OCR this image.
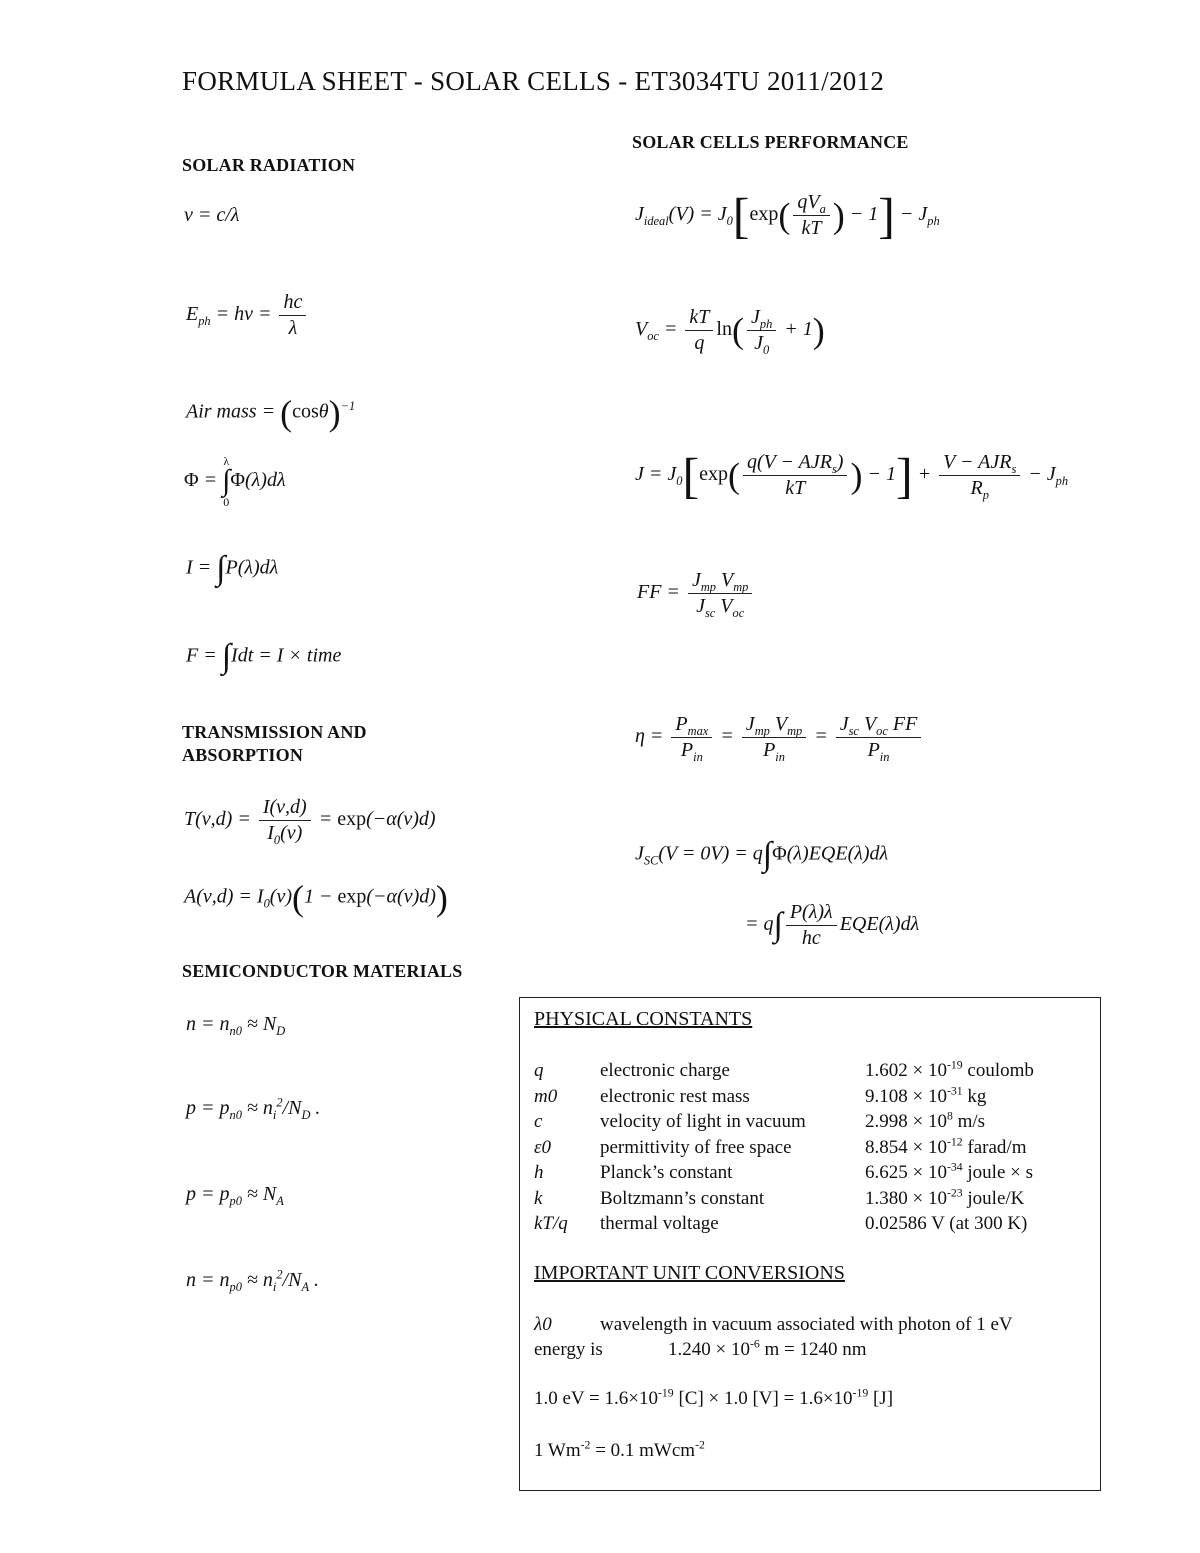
FORMULA SHEET - SOLAR CELLS - ET3034TU 2011/2012
SOLAR RADIATION
TRANSMISSION AND
ABSORPTION
SEMICONDUCTOR MATERIALS
SOLAR CELLS PERFORMANCE
ν = c/λ
$E_{ph} = h\nu = \frac{hc}{\lambda}$
Air mass = $(\cos\theta)^{-1}$
Φ =
λ
∫
0
Φ(λ)dλ
I = ∫P(λ)dλ
F = ∫Idt = I × time
$T(\nu,d) = \frac{I(\nu,d)}{I_0(\nu)} = \exp(-\alpha(\nu)d)$
$A(\nu,d) = I_0(\nu)(1 - \exp(-\alpha(\nu)d))$
$n = n_{n0} \approx N_D$
$p = p_{n0} \approx n_i^2/N_D$ .
$p = p_{p0} \approx N_A$
$n = n_{p0} \approx n_i^2/N_A$ .
$J_{ideal}(V) = J_0[\exp( \frac{qV_a}{kT}$ ) − $1] - J_{ph}$
$V_{oc} = \frac{kT}{q} \ln( \frac{J_{ph}}{J_0} + 1)$
$J = J_0[\exp( \frac{q(V - AJR_s)}{kT}$ ) − $1] + \frac{V - AJR_s}{R_p} - J_{ph}$
FF = $\frac{J_{mp} V_{mp}}{J_{sc} V_{oc}}$
$\eta = \frac{P_{max}}{P_{in}} = \frac{J_{mp} V_{mp}}{P_{in}} = \frac{J_{sc} V_{oc} FF}{P_{in}}$
$J_{SC}(V = 0V) = q\int\Phi(\lambda)EQE(\lambda)d\lambda$
= $q\int \frac{P(\lambda)\lambda}{hc} EQE(\lambda)d\lambda$
PHYSICAL CONSTANTS
q	electronic charge	$1.602 \times 10^{-19}$ coulomb
m0 electronic rest mass	$9.108 \times 10^{-31}$ kg
c	velocity of light in vacuum	$2.998 \times 10^8$ m/s
ε0	permittivity of free space	$8.854 \times 10^{-12}$ farad/m
h	Planck’s constant	$6.625 \times 10^{-34}$ joule × s
k	Boltzmann’s constant	$1.380 \times 10^{-23}$ joule/K
kT/q thermal voltage	0.02586 V (at 300 K)
IMPORTANT UNIT CONVERSIONS
λ0	wavelength in vacuum associated with photon of 1 eV
energy is	$1.240 \times 10^{-6}$ m = 1240 nm
1.0 eV = $1.6\times 10^{-19}$ [C] × 1.0 $[V] = 1.6\times 10^{-19}$ [J]
1 $Wm^{-2} = 0.1$ mWcm$^{-2}$
